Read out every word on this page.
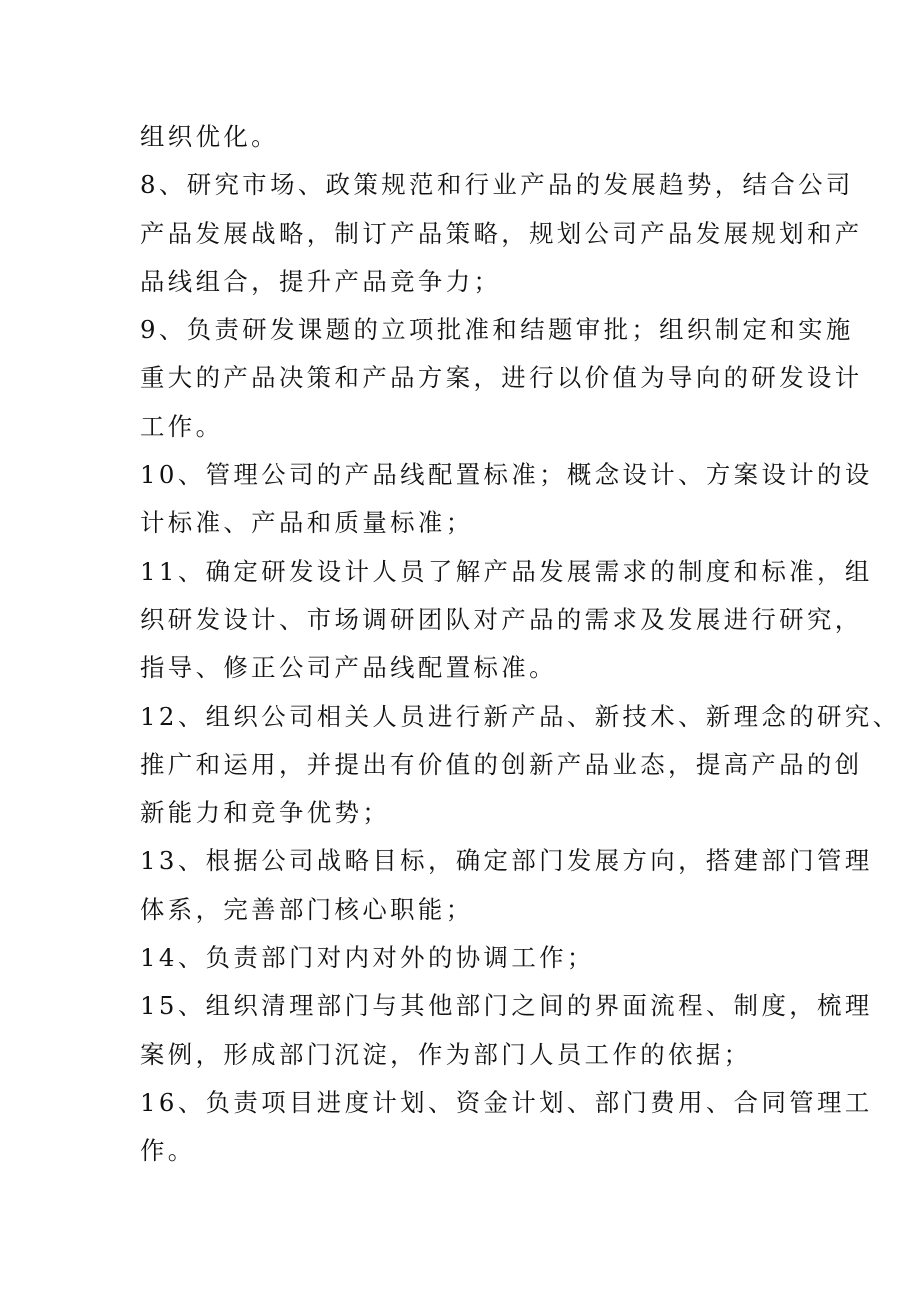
组织优化。

8、研究市场、政策规范和行业产品的发展趋势，结合公司
产品发展战略，制订产品策略，规划公司产品发展规划和产
品线组合，提升产品竞争力；

9、负责研发课题的立项批准和结题审批；组织制定和实施
重大的产品决策和产品方案，进行以价值为导向的研发设计
工作。

10、管理公司的产品线配置标准；概念设计、方案设计的设
计标准、产品和质量标准；

11、确定研发设计人员了解产品发展需求的制度和标准，组
织研发设计、市场调研团队对产品的需求及发展进行研究，
指导、修正公司产品线配置标准。

12、组织公司相关人员进行新产品、新技术、新理念的研究、
推广和运用，并提出有价值的创新产品业态，提高产品的创
新能力和竞争优势；

13、根据公司战略目标，确定部门发展方向，搭建部门管理
体系，完善部门核心职能；

14、负责部门对内对外的协调工作；

15、组织清理部门与其他部门之间的界面流程、制度，梳理
案例，形成部门沉淀，作为部门人员工作的依据；

16、负责项目进度计划、资金计划、部门费用、合同管理工
作。
